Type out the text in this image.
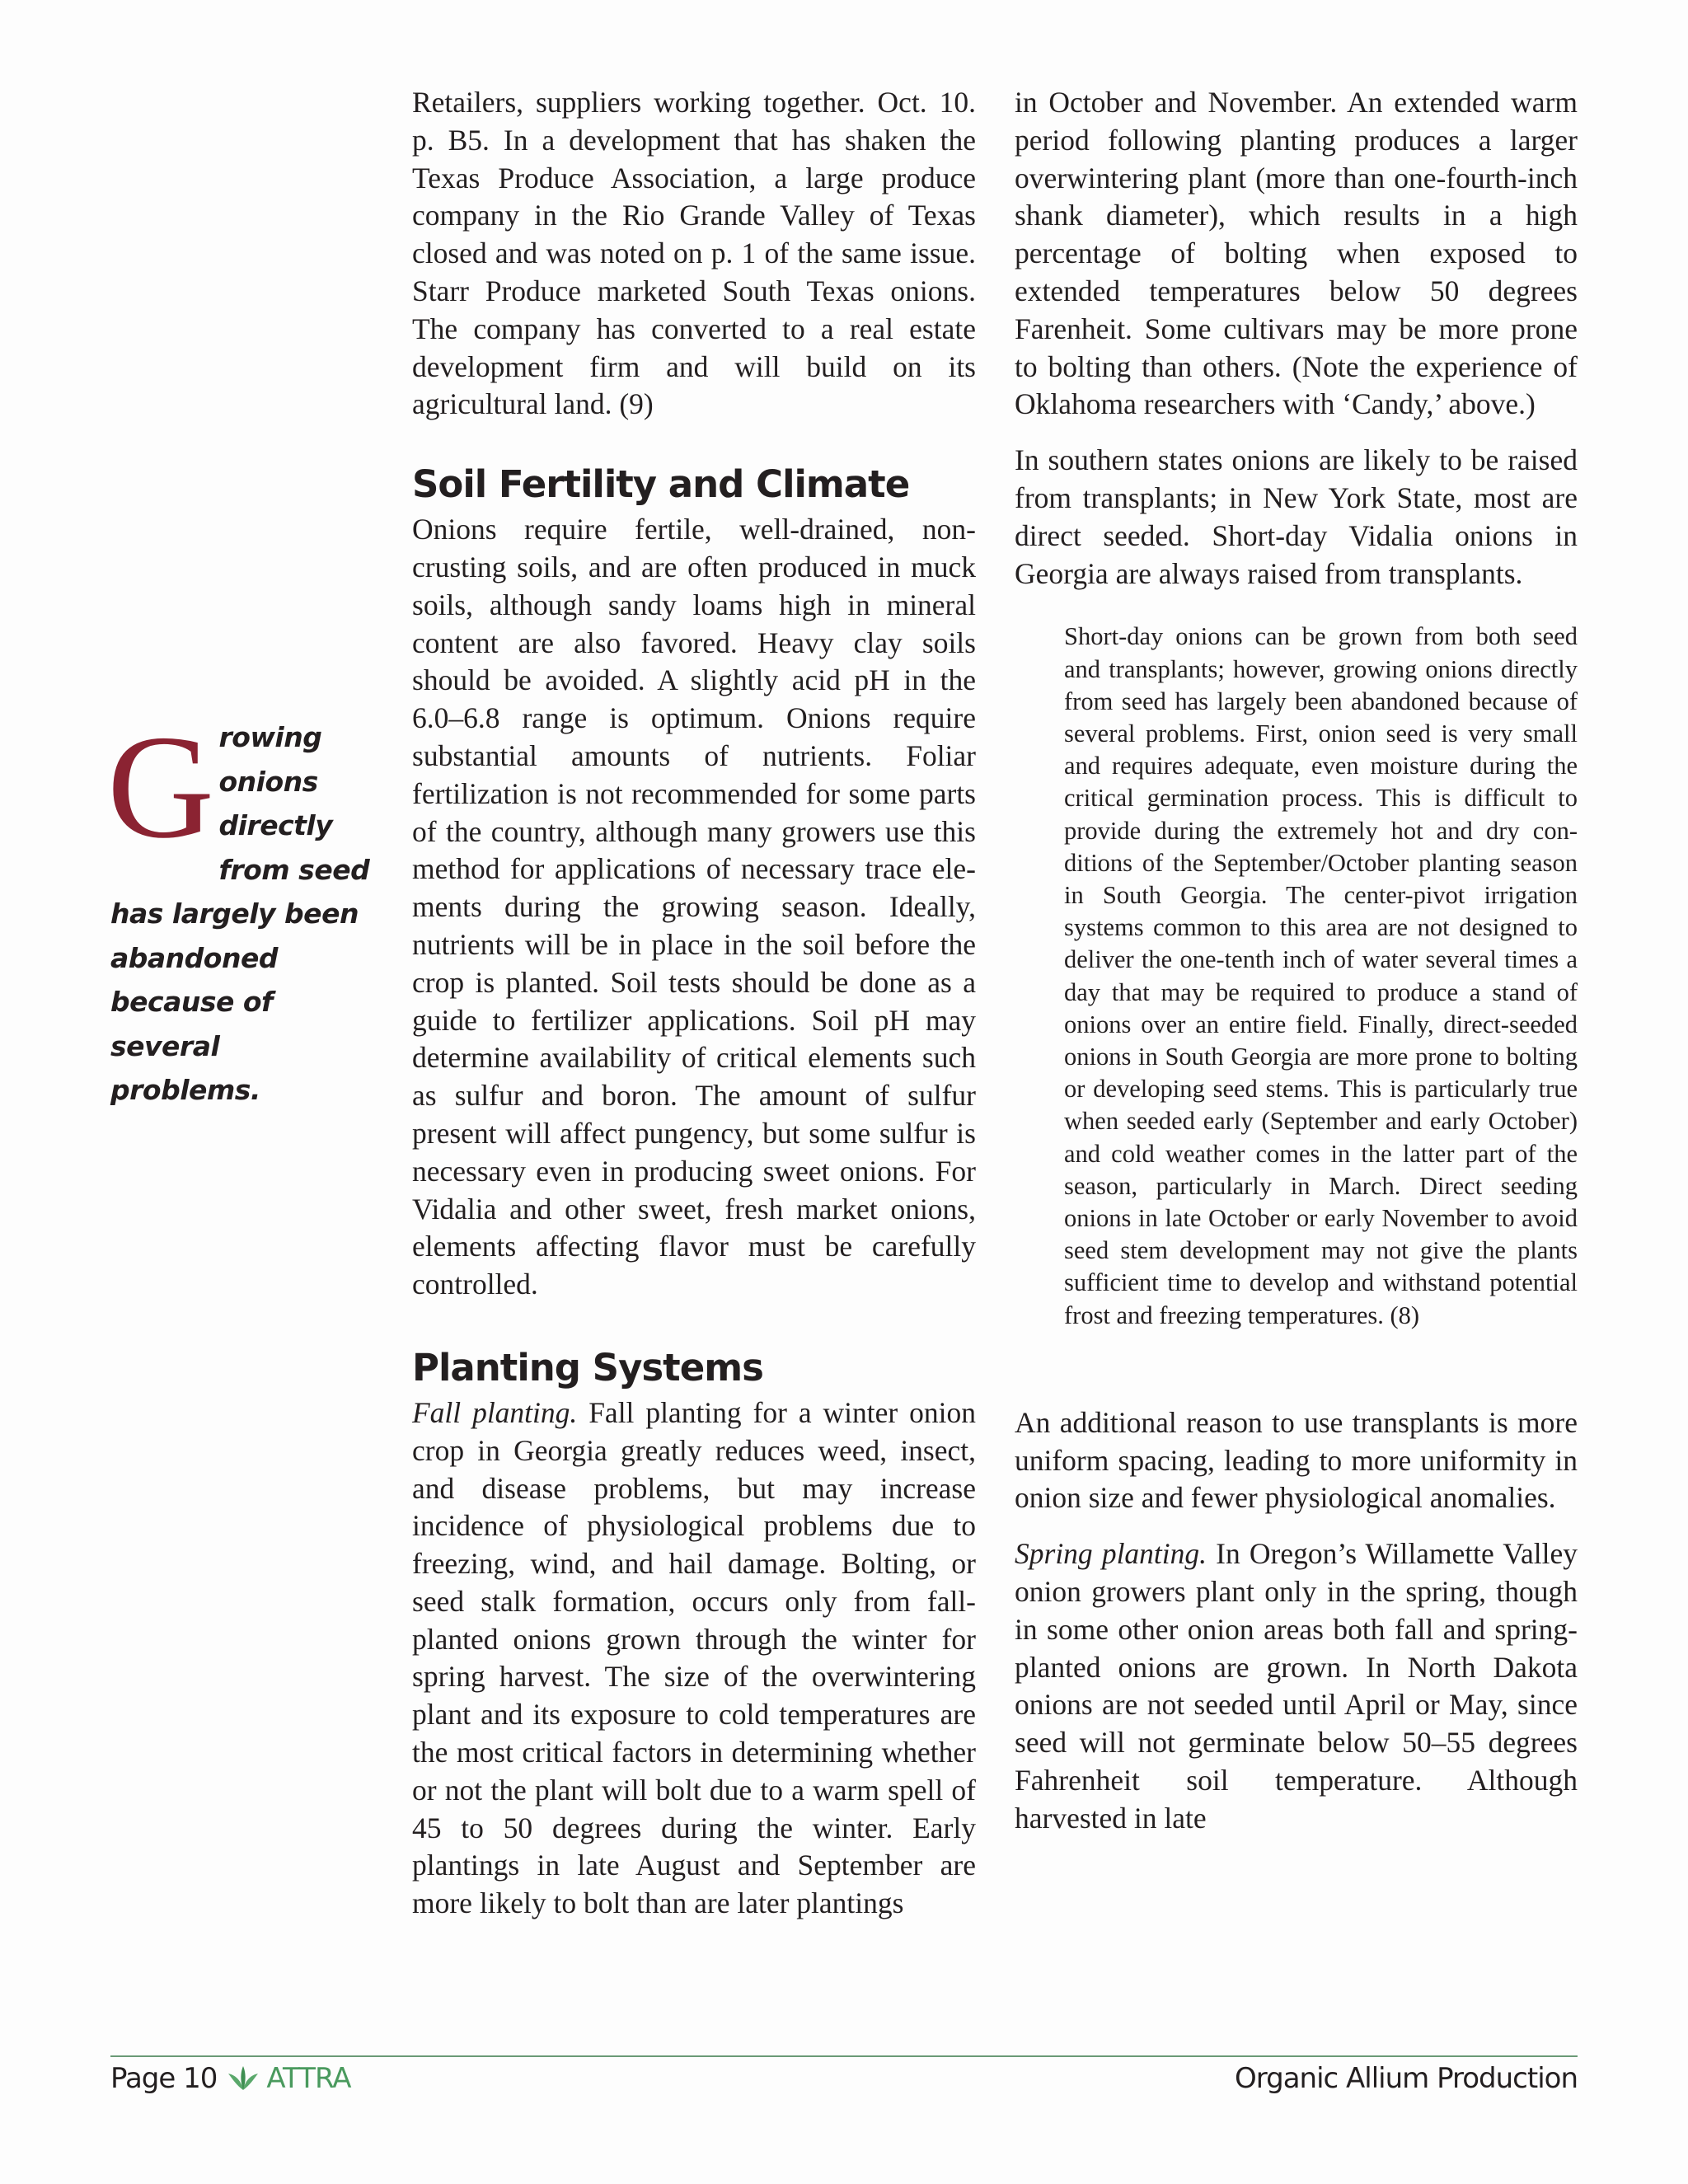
Retailers, suppliers working together. Oct. 10. p. B5. In a development that has shaken the Texas Produce Association, a large produce company in the Rio Grande Valley of Texas closed and was noted on p. 1 of the same issue. Starr Produce marketed South Texas onions. The company has converted to a real estate development firm and will build on its agricultural land. (9)

Soil Fertility and Climate

Onions require fertile, well-drained, non-crusting soils, and are often produced in muck soils, although sandy loams high in mineral content are also favored. Heavy clay soils should be avoided. A slightly acid pH in the 6.0–6.8 range is optimum. Onions require substantial amounts of nutrients. Foliar fertilization is not recommended for some parts of the country, although many growers use this method for applications of necessary trace elements during the growing season. Ideally, nutrients will be in place in the soil before the crop is planted. Soil tests should be done as a guide to fertilizer applications. Soil pH may determine availability of critical elements such as sulfur and boron. The amount of sulfur present will affect pungency, but some sulfur is necessary even in producing sweet onions. For Vidalia and other sweet, fresh market onions, elements affecting flavor must be carefully controlled.

Planting Systems

Fall planting. Fall planting for a winter onion crop in Georgia greatly reduces weed, insect, and disease problems, but may increase incidence of physiological problems due to freezing, wind, and hail damage. Bolting, or seed stalk formation, occurs only from fall-planted onions grown through the winter for spring harvest. The size of the overwintering plant and its exposure to cold temperatures are the most critical factors in determining whether or not the plant will bolt due to a warm spell of 45 to 50 degrees during the winter. Early plantings in late August and September are more likely to bolt than are later plantings

in October and November. An extended warm period following planting produces a larger overwintering plant (more than one-fourth-inch shank diameter), which results in a high percentage of bolting when exposed to extended temperatures below 50 degrees Farenheit. Some cultivars may be more prone to bolting than others. (Note the experience of Oklahoma researchers with ‘Candy,’ above.)

In southern states onions are likely to be raised from transplants; in New York State, most are direct seeded. Short-day Vidalia onions in Georgia are always raised from transplants.

Short-day onions can be grown from both seed and transplants; however, growing onions directly from seed has largely been abandoned because of several problems. First, onion seed is very small and requires adequate, even moisture during the critical germination process. This is difficult to provide during the extremely hot and dry conditions of the September/October planting season in South Georgia. The center-pivot irrigation systems common to this area are not designed to deliver the one-tenth inch of water several times a day that may be required to produce a stand of onions over an entire field. Finally, direct-seeded onions in South Georgia are more prone to bolting or developing seed stems. This is particularly true when seeded early (September and early October) and cold weather comes in the latter part of the season, particularly in March. Direct seeding onions in late October or early November to avoid seed stem development may not give the plants sufficient time to develop and withstand potential frost and freezing temperatures. (8)

An additional reason to use transplants is more uniform spacing, leading to more uniformity in onion size and fewer physiological anomalies.

Spring planting. In Oregon’s Willamette Valley onion growers plant only in the spring, though in some other onion areas both fall and spring-planted onions are grown. In North Dakota onions are not seeded until April or May, since seed will not germinate below 50–55 degrees Fahrenheit soil temperature. Although harvested in late

Growing onions directly from seed has largely been abandoned because of several problems.
Page 10 ATTRA	Organic Allium Production
